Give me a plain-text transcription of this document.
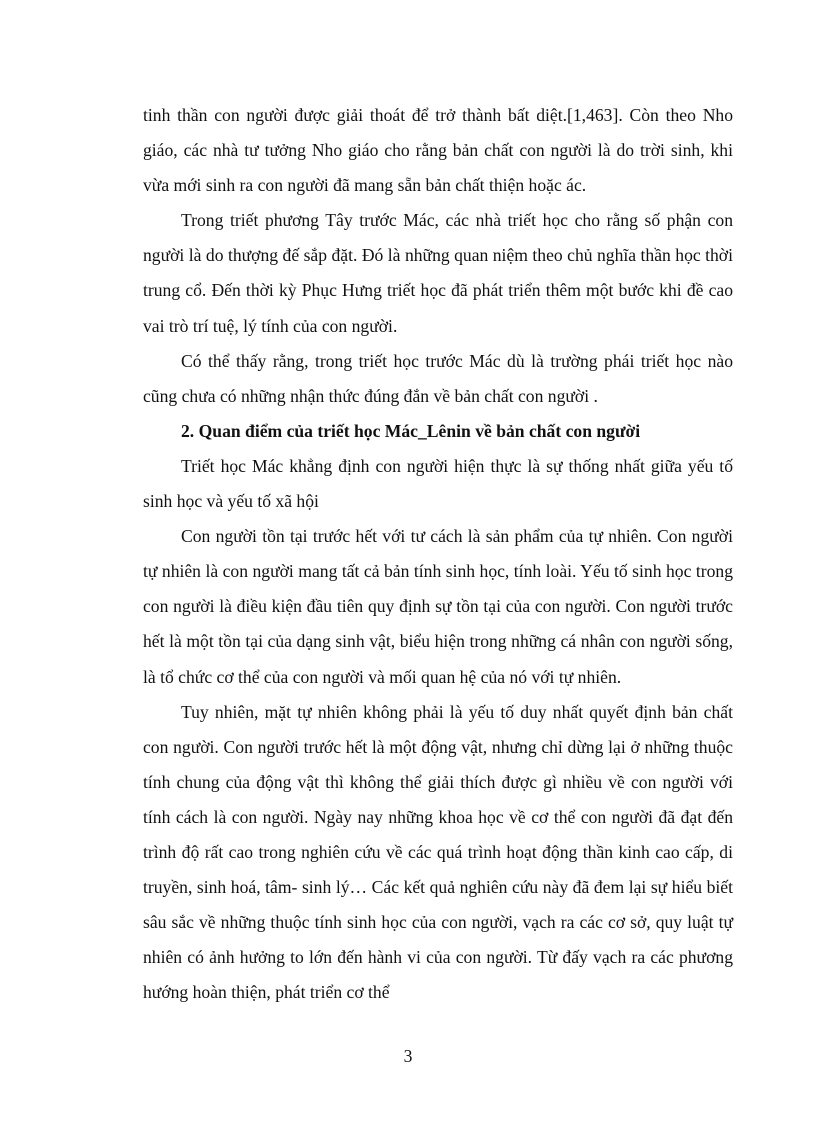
tinh thần con người được giải thoát để trở thành bất diệt.[1,463]. Còn theo Nho giáo, các nhà tư tưởng Nho giáo cho rằng bản chất con người là do trời sinh, khi vừa mới sinh ra con người đã mang sẵn bản chất thiện hoặc ác.

Trong triết phương Tây trước Mác, các nhà triết học cho rằng số phận con người là do thượng đế sắp đặt. Đó là những quan niệm theo chủ nghĩa thần học thời trung cổ. Đến thời kỳ Phục Hưng triết học đã phát triển thêm một bước khi đề cao vai trò trí tuệ, lý tính của con người.

Có thể thấy rằng, trong triết học trước Mác dù là trường phái triết học nào cũng chưa có những nhận thức đúng đắn về bản chất con người .

2. Quan điểm của triết học Mác_Lênin về bản chất con người

Triết học Mác khẳng định con người hiện thực là sự thống nhất giữa yếu tố sinh học và yếu tố xã hội

Con người tồn tại trước hết với tư cách là sản phẩm của tự nhiên. Con người tự nhiên là con người mang tất cả bản tính sinh học, tính loài. Yếu tố sinh học trong con người là điều kiện đầu tiên quy định sự tồn tại của con người. Con người trước hết là một tồn tại của dạng sinh vật, biểu hiện trong những cá nhân con người sống, là tổ chức cơ thể của con người và mối quan hệ của nó với tự nhiên.

Tuy nhiên, mặt tự nhiên không phải là yếu tố duy nhất quyết định bản chất con người. Con người trước hết là một động vật, nhưng chỉ dừng lại ở những thuộc tính chung của động vật thì không thể giải thích được gì nhiều về con người với tính cách là con người. Ngày nay những khoa học về cơ thể con người đã đạt đến trình độ rất cao trong nghiên cứu về các quá trình hoạt động thần kinh cao cấp, di truyền, sinh hoá, tâm- sinh lý… Các kết quả nghiên cứu này đã đem lại sự hiểu biết sâu sắc về những thuộc tính sinh học của con người, vạch ra các cơ sở, quy luật tự nhiên có ảnh hưởng to lớn đến hành vi của con người. Từ đấy vạch ra các phương hướng hoàn thiện, phát triển cơ thể

3
